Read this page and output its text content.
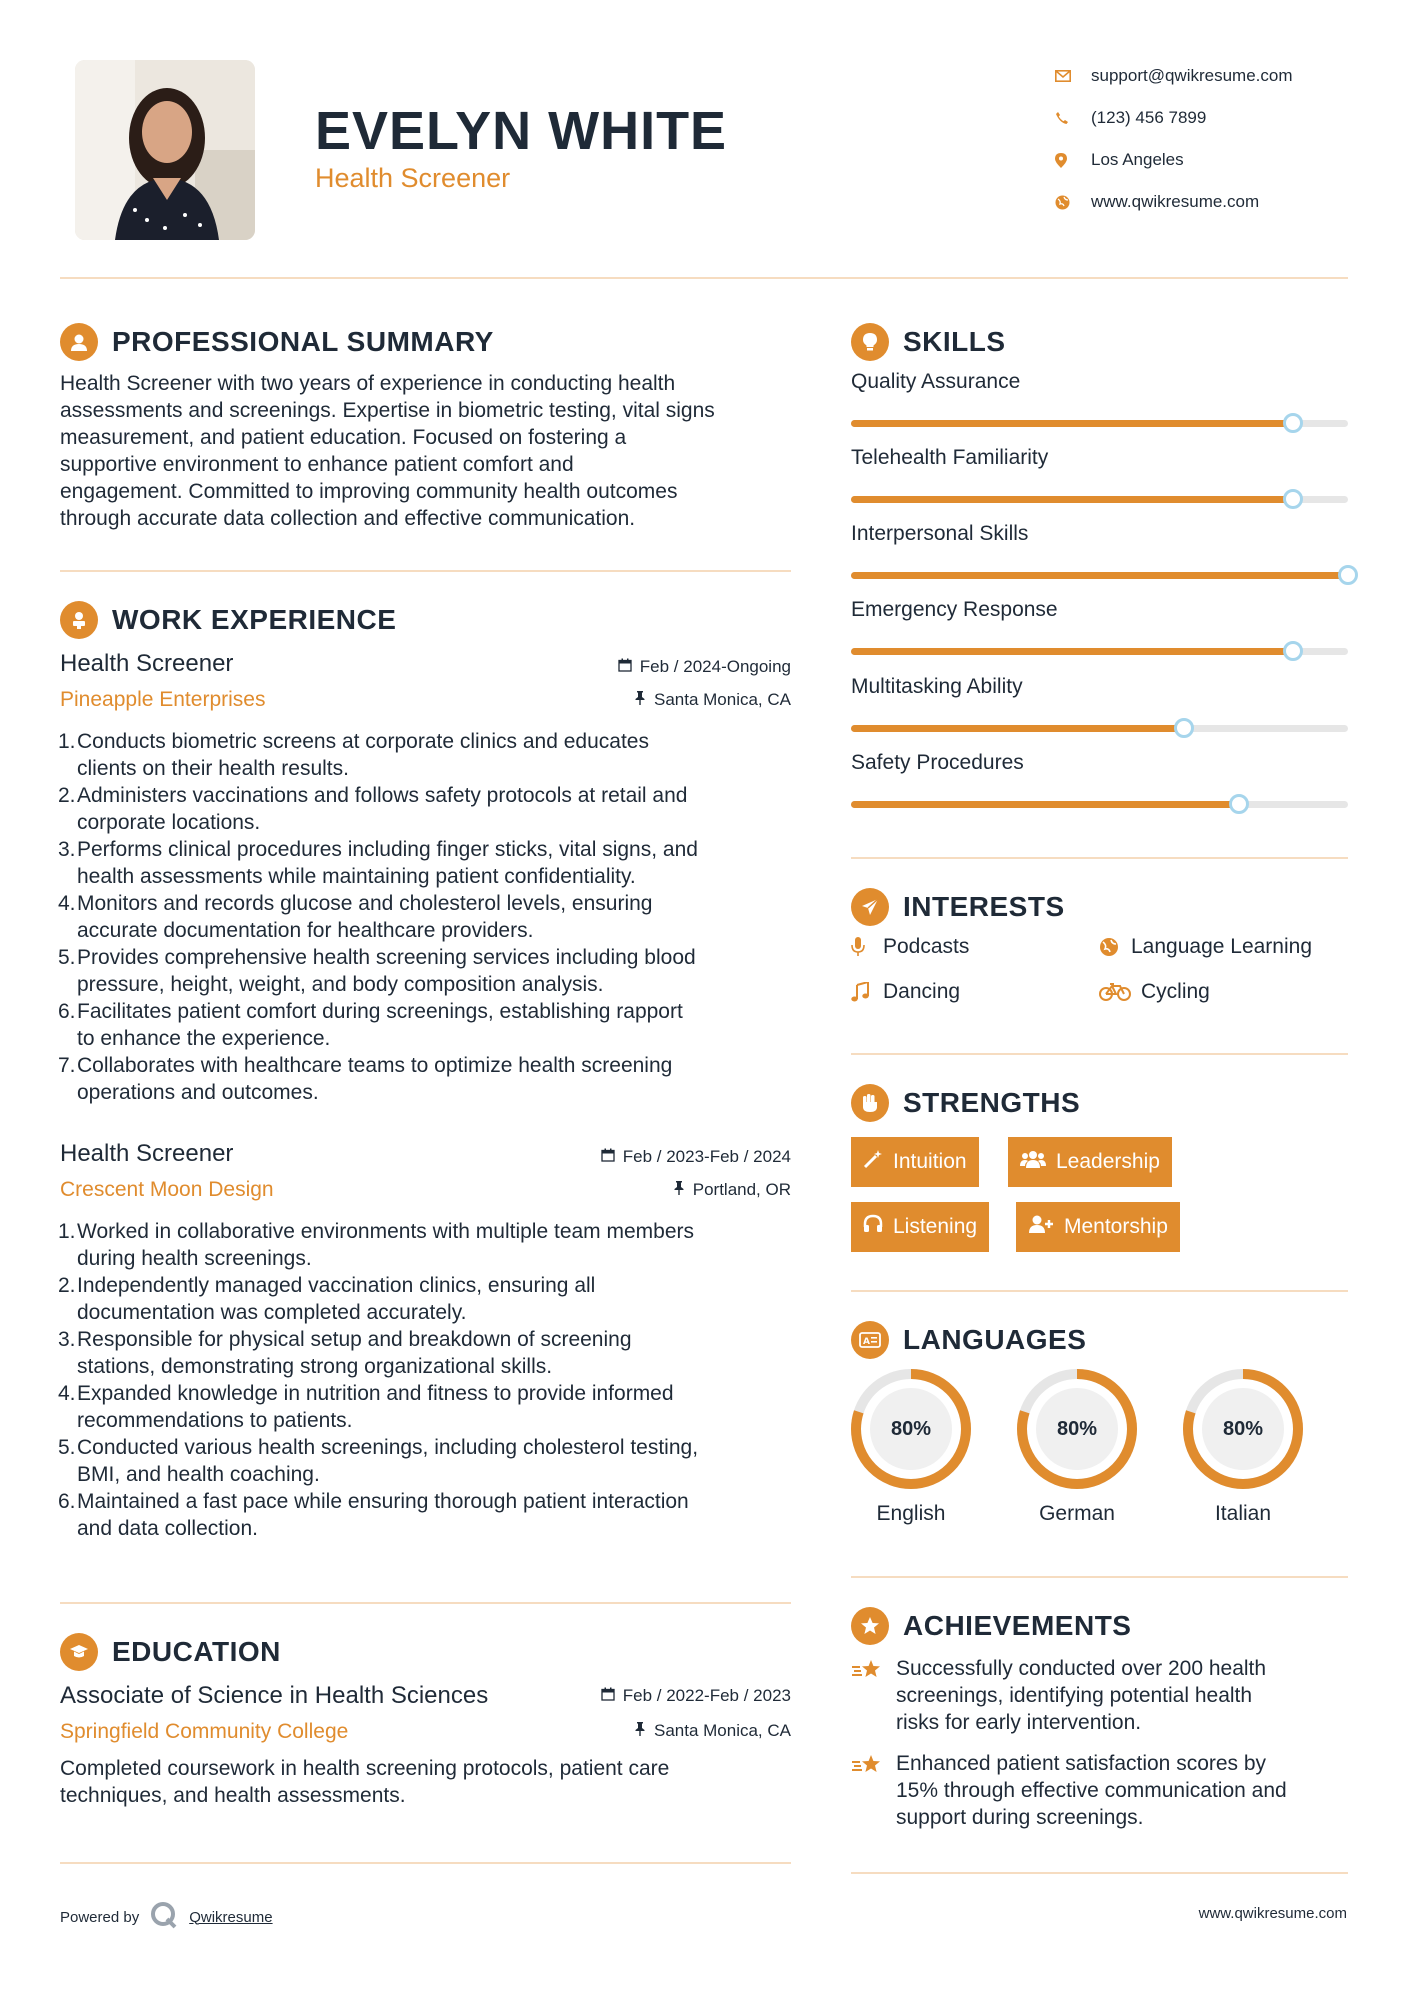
EVELYN WHITE
Health Screener
support@qwikresume.com
(123) 456 7899
Los Angeles
www.qwikresume.com
PROFESSIONAL SUMMARY
Health Screener with two years of experience in conducting health
assessments and screenings. Expertise in biometric testing, vital signs
measurement, and patient education. Focused on fostering a
supportive environment to enhance patient comfort and
engagement. Committed to improving community health outcomes
through accurate data collection and effective communication.
WORK EXPERIENCE
Health Screener
Pineapple Enterprises
Feb / 2024-Ongoing
Santa Monica, CA
1. Conducts biometric screens at corporate clinics and educates
clients on their health results.
2. Administers vaccinations and follows safety protocols at retail and
corporate locations.
3. Performs clinical procedures including finger sticks, vital signs, and
health assessments while maintaining patient confidentiality.
4. Monitors and records glucose and cholesterol levels, ensuring
accurate documentation for healthcare providers.
5. Provides comprehensive health screening services including blood
pressure, height, weight, and body composition analysis.
6. Facilitates patient comfort during screenings, establishing rapport
to enhance the experience.
7. Collaborates with healthcare teams to optimize health screening
operations and outcomes.
Health Screener
Crescent Moon Design
Feb / 2023-Feb / 2024
Portland, OR
1. Worked in collaborative environments with multiple team members
during health screenings.
2. Independently managed vaccination clinics, ensuring all
documentation was completed accurately.
3. Responsible for physical setup and breakdown of screening
stations, demonstrating strong organizational skills.
4. Expanded knowledge in nutrition and fitness to provide informed
recommendations to patients.
5. Conducted various health screenings, including cholesterol testing,
BMI, and health coaching.
6. Maintained a fast pace while ensuring thorough patient interaction
and data collection.
EDUCATION
Associate of Science in Health Sciences
Springfield Community College
Feb / 2022-Feb / 2023
Santa Monica, CA
Completed coursework in health screening protocols, patient care
techniques, and health assessments.
SKILLS
Quality Assurance
Telehealth Familiarity
Interpersonal Skills
Emergency Response
Multitasking Ability
Safety Procedures
INTERESTS
Podcasts	Language Learning
Dancing	Cycling
STRENGTHS
Intuition	Leadership
Listening	Mentorship
A LANGUAGES
80%
English
80%
German
80%
Italian
ACHIEVEMENTS
Successfully conducted over 200 health
screenings, identifying potential health
risks for early intervention.
Enhanced patient satisfaction scores by
15% through effective communication and
support during screenings.
Powered by	Qwikresume	www.qwikresume.com
